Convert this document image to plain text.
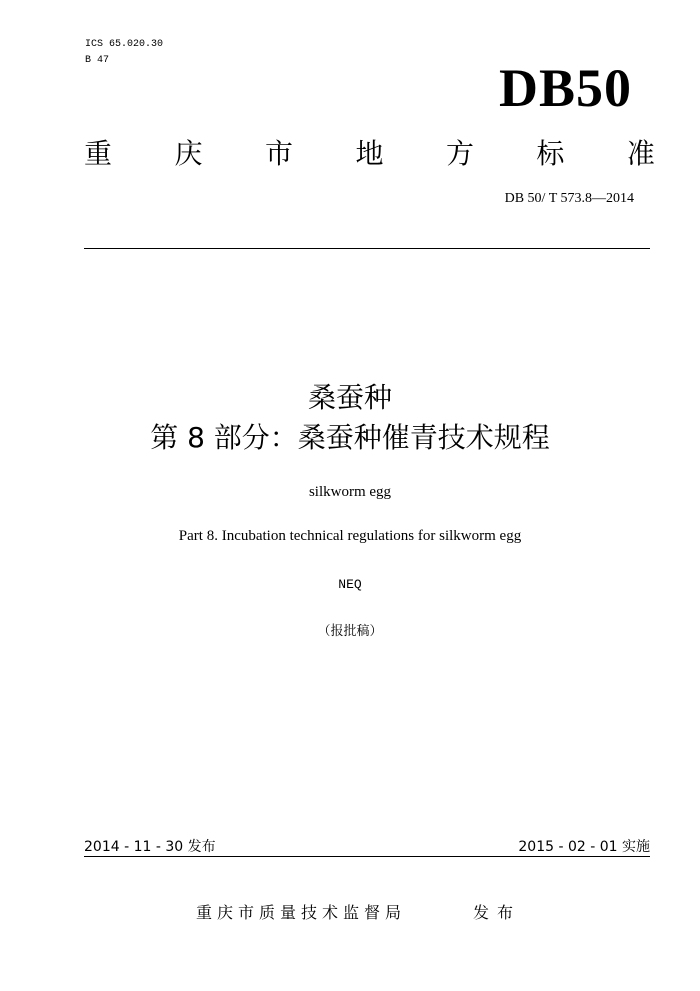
ICS 65.020.30
B 47	DB50
重 庆 市 地 方 标 准
DB 50/ T 573.8—2014
桑蚕种
第 8 部分：桑蚕种催青技术规程
silkworm egg
Part 8. Incubation technical regulations for silkworm egg
NEQ
（报批稿）
2014 - 11 - 30 发布	2015 - 02 - 01 实施
重庆市质量技术监督局	发布
